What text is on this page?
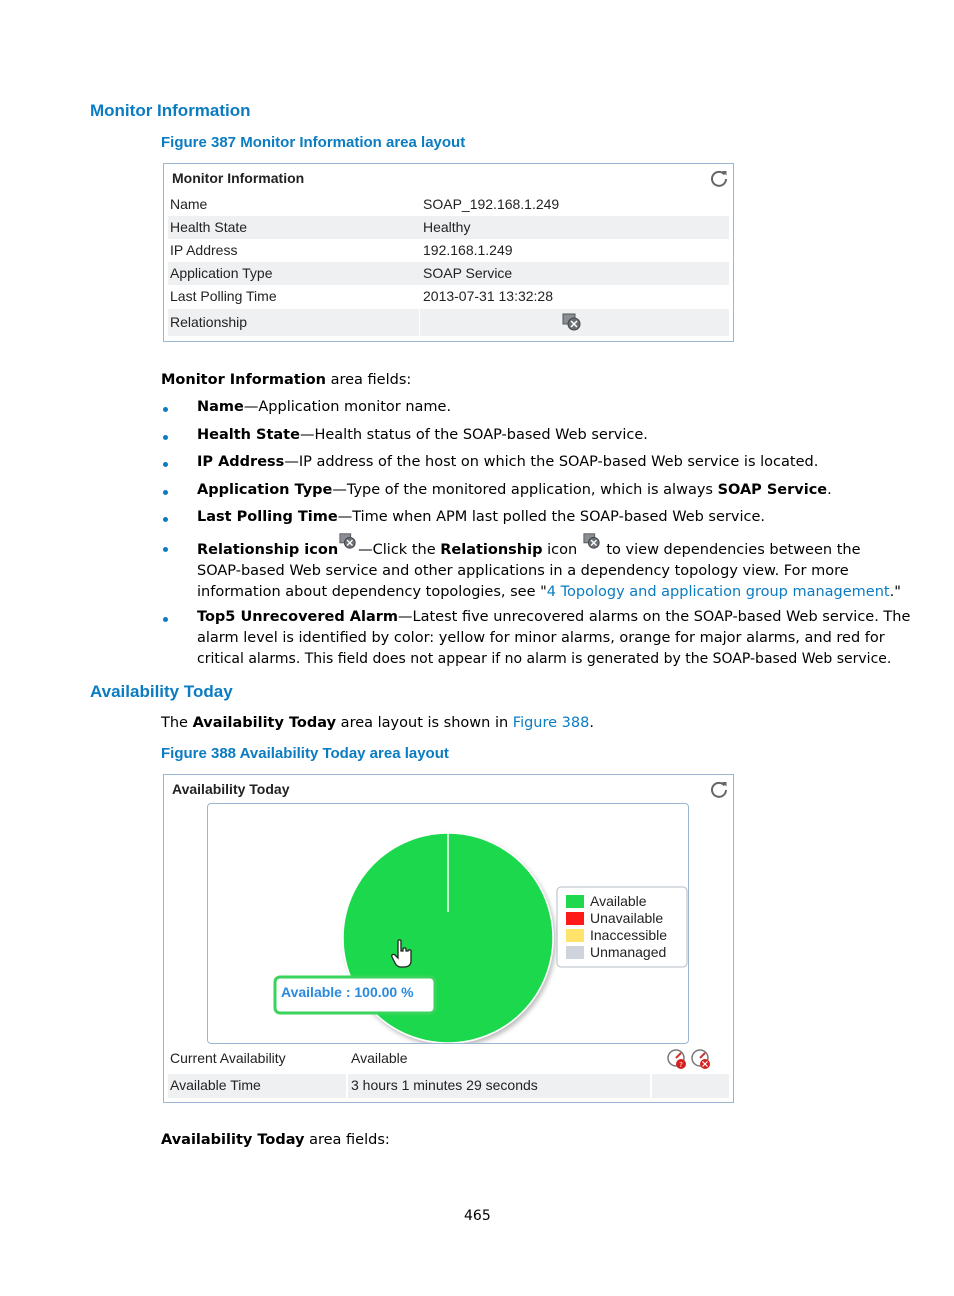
Monitor Information
Figure 387 Monitor Information area layout
Monitor Information
Name	SOAP_192.168.1.249
Health State	Healthy
IP Address	192.168.1.249
Application Type	SOAP Service
Last Polling Time	2013-07-31 13:32:28
Relationship
Monitor Information area fields:
Name—Application monitor name.
Health State—Health status of the SOAP-based Web service.
IP Address—IP address of the host on which the SOAP-based Web service is located.
Application Type—Type of the monitored application, which is always SOAP Service.
Last Polling Time—Time when APM last polled the SOAP-based Web service.
Relationship icon —Click the Relationship icon  to view dependencies between the
SOAP-based Web service and other applications in a dependency topology view. For more
information about dependency topologies, see "4 Topology and application group management."
Top5 Unrecovered Alarm—Latest five unrecovered alarms on the SOAP-based Web service. The
alarm level is identified by color: yellow for minor alarms, orange for major alarms, and red for
critical alarms. This field does not appear if no alarm is generated by the SOAP-based Web service.
Availability Today
The Availability Today area layout is shown in Figure 388.
Figure 388 Availability Today area layout
Availability Today
Available
Unavailable
Inaccessible
Unmanaged
Available : 100.00 %
Current Availability	Available	?
Available Time	3 hours 1 minutes 29 seconds
Availability Today area fields:
465
